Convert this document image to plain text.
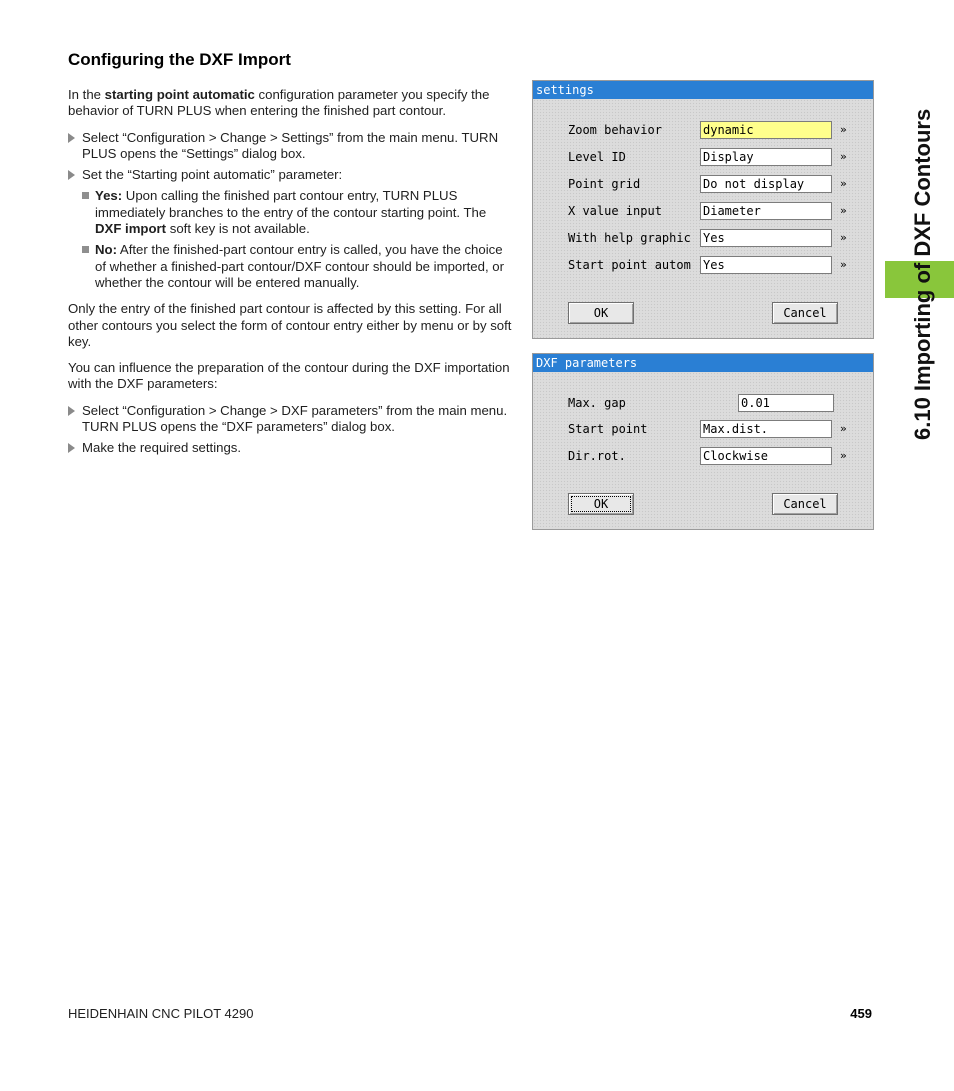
Configuring the DXF Import

In the starting point automatic configuration parameter you specify the behavior of TURN PLUS when entering the finished part contour.

Select “Configuration > Change > Settings” from the main menu. TURN PLUS opens the “Settings” dialog box.
Set the “Starting point automatic” parameter:
Yes: Upon calling the finished part contour entry, TURN PLUS immediately branches to the entry of the contour starting point. The DXF import soft key is not available.
No: After the finished-part contour entry is called, you have the choice of whether a finished-part contour/DXF contour should be imported, or whether the contour will be entered manually.

Only the entry of the finished part contour is affected by this setting. For all other contours you select the form of contour entry either by menu or by soft key.

You can influence the preparation of the contour during the DXF importation with the DXF parameters:

Select “Configuration > Change > DXF parameters” from the main menu. TURN PLUS opens the “DXF parameters” dialog box.
Make the required settings.
settings
Zoom behavior	dynamic	»
Level ID	Display	»
Point grid	Do not display	»
X value input	Diameter	»
With help graphic	Yes	»
Start point autom	Yes	»
OK	Cancel
DXF parameters
Max. gap	0.01
Start point	Max.dist.	»
Dir.rot.	Clockwise	»
OK	Cancel
6.10 Importing of DXF Contours
HEIDENHAIN CNC PILOT 4290	459
